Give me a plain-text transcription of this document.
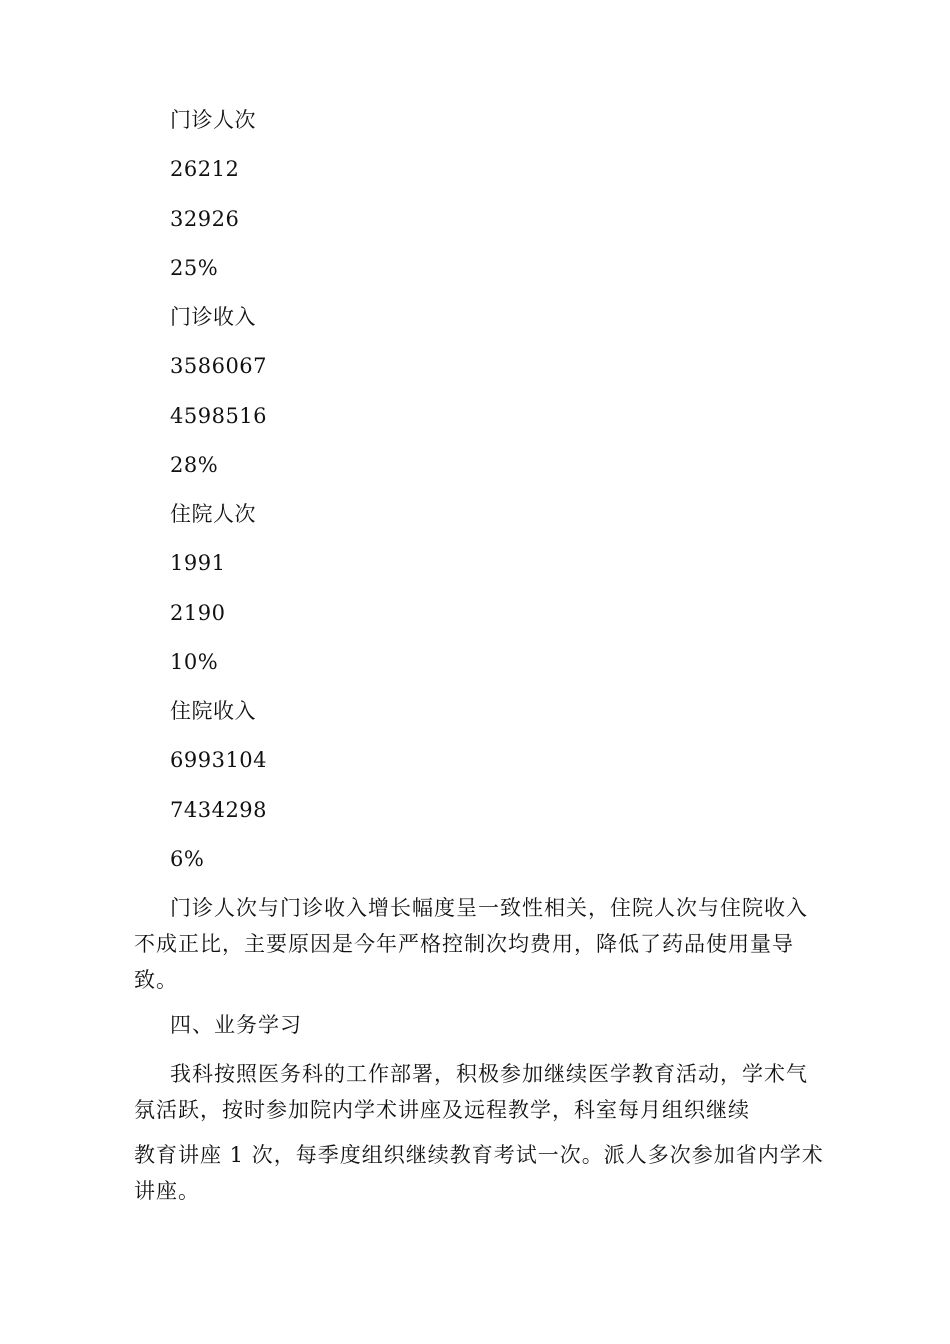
门诊人次
26212
32926
25%
门诊收入
3586067
4598516
28%
住院人次
1991
2190
10%
住院收入
6993104
7434298
6%
门诊人次与门诊收入增长幅度呈一致性相关，住院人次与住院收入不成正比，主要原因是今年严格控制次均费用，降低了药品使用量导致。
四、业务学习
我科按照医务科的工作部署，积极参加继续医学教育活动，学术气氛活跃，按时参加院内学术讲座及远程教学，科室每月组织继续
教育讲座 1 次，每季度组织继续教育考试一次。派人多次参加省内学术讲座。
